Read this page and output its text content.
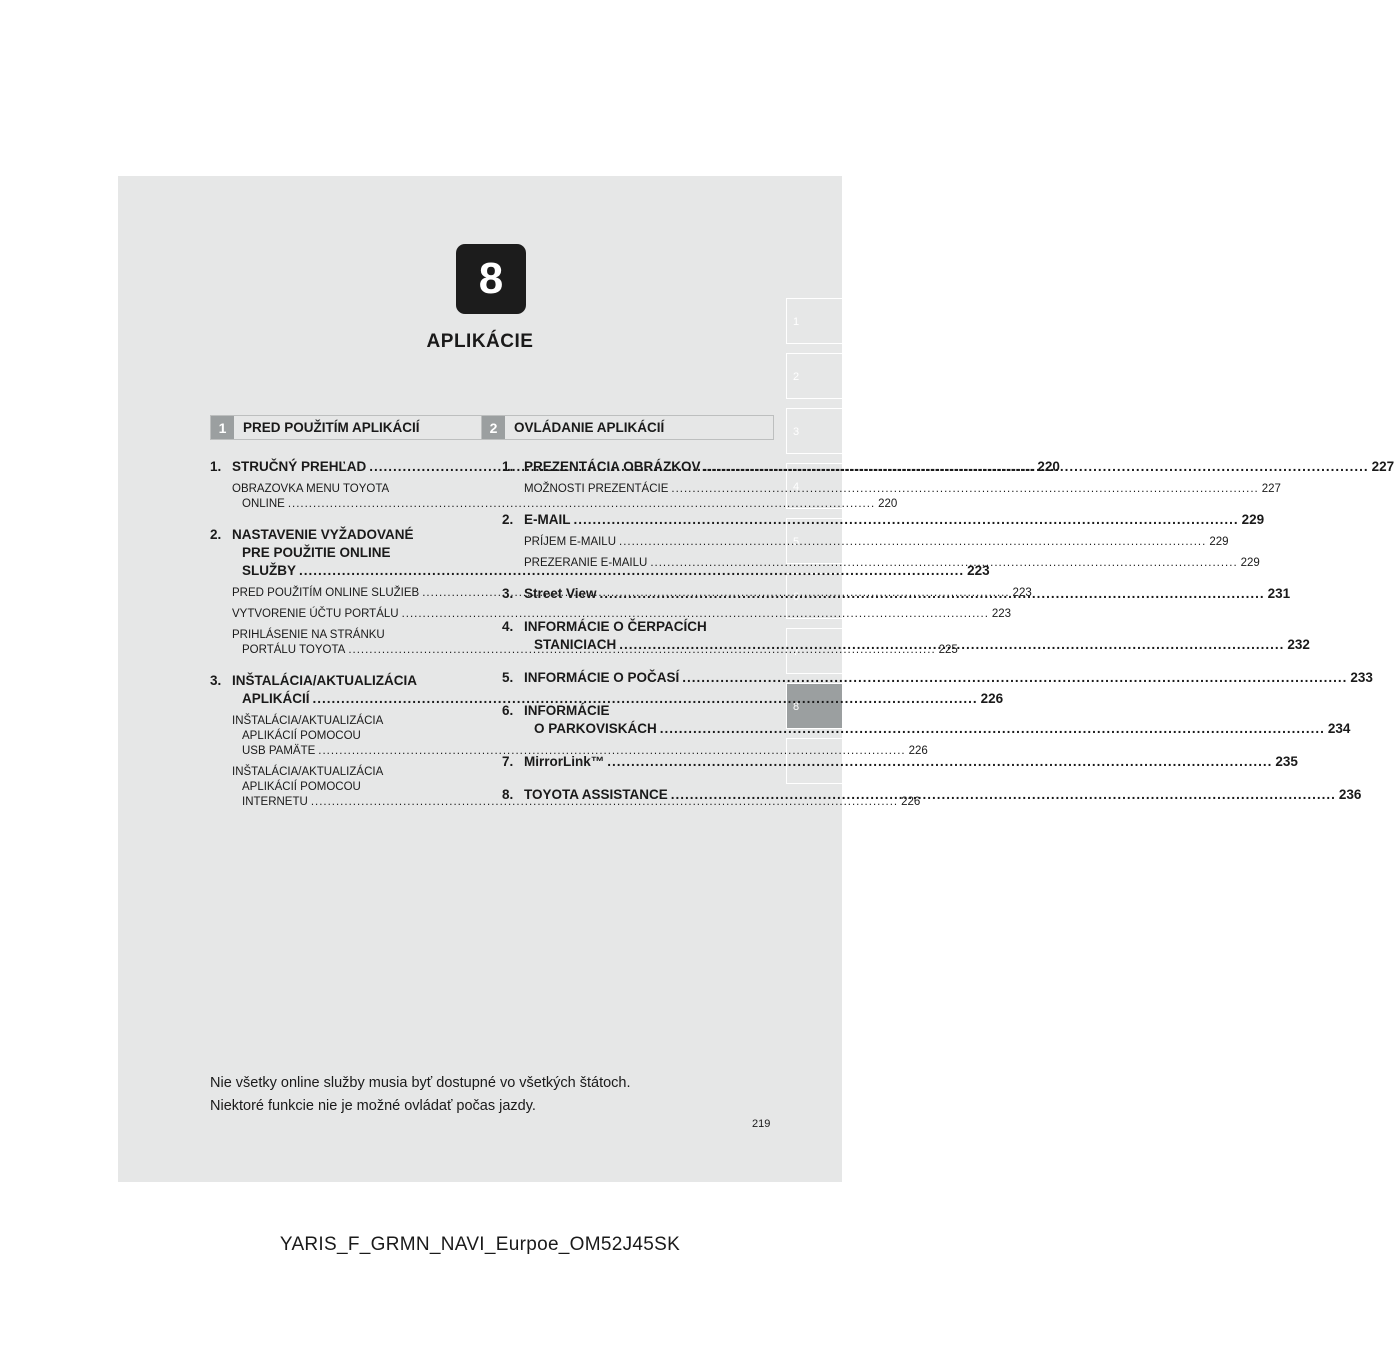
8
APLIKÁCIE
1
2
3
4
5
6
7
8
1	PRED POUŽITÍM APLIKÁCIÍ	2	OVLÁDANIE APLIKÁCIÍ
1. STRUČNÝ PREHĽAD .....	220
OBRAZOVKA MENU TOYOTA
ONLINE .....	220
2. NASTAVENIE VYŽADOVANÉ
PRE POUŽITIE ONLINE
SLUŽBY .....	223
PRED POUŽITÍM ONLINE SLUŽIEB .....	223
VYTVORENIE ÚČTU PORTÁLU .....	223
PRIHLÁSENIE NA STRÁNKU
PORTÁLU TOYOTA .....	225
3. INŠTALÁCIA/AKTUALIZÁCIA
APLIKÁCIÍ .....	226
INŠTALÁCIA/AKTUALIZÁCIA
APLIKÁCIÍ POMOCOU
USB PAMÄTE .....	226
INŠTALÁCIA/AKTUALIZÁCIA
APLIKÁCIÍ POMOCOU
INTERNETU .....	226
1. PREZENTÁCIA OBRÁZKOV .....	227
MOŽNOSTI PREZENTÁCIE .....	227
2. E-MAIL .....	229
PRÍJEM E-MAILU .....	229
PREZERANIE E-MAILU .....	229
3. Street View .....	231
4. INFORMÁCIE O ČERPACÍCH
STANICIACH .....	232
5. INFORMÁCIE O POČASÍ .....	233
6. INFORMÁCIE
O PARKOVISKÁCH .....	234
7. MirrorLink™ .....	235
8. TOYOTA ASSISTANCE .....	236
Nie všetky online služby musia byť dostupné vo všetkých štátoch.
Niektoré funkcie nie je možné ovládať počas jazdy.
219
YARIS_F_GRMN_NAVI_Eurpoe_OM52J45SK
